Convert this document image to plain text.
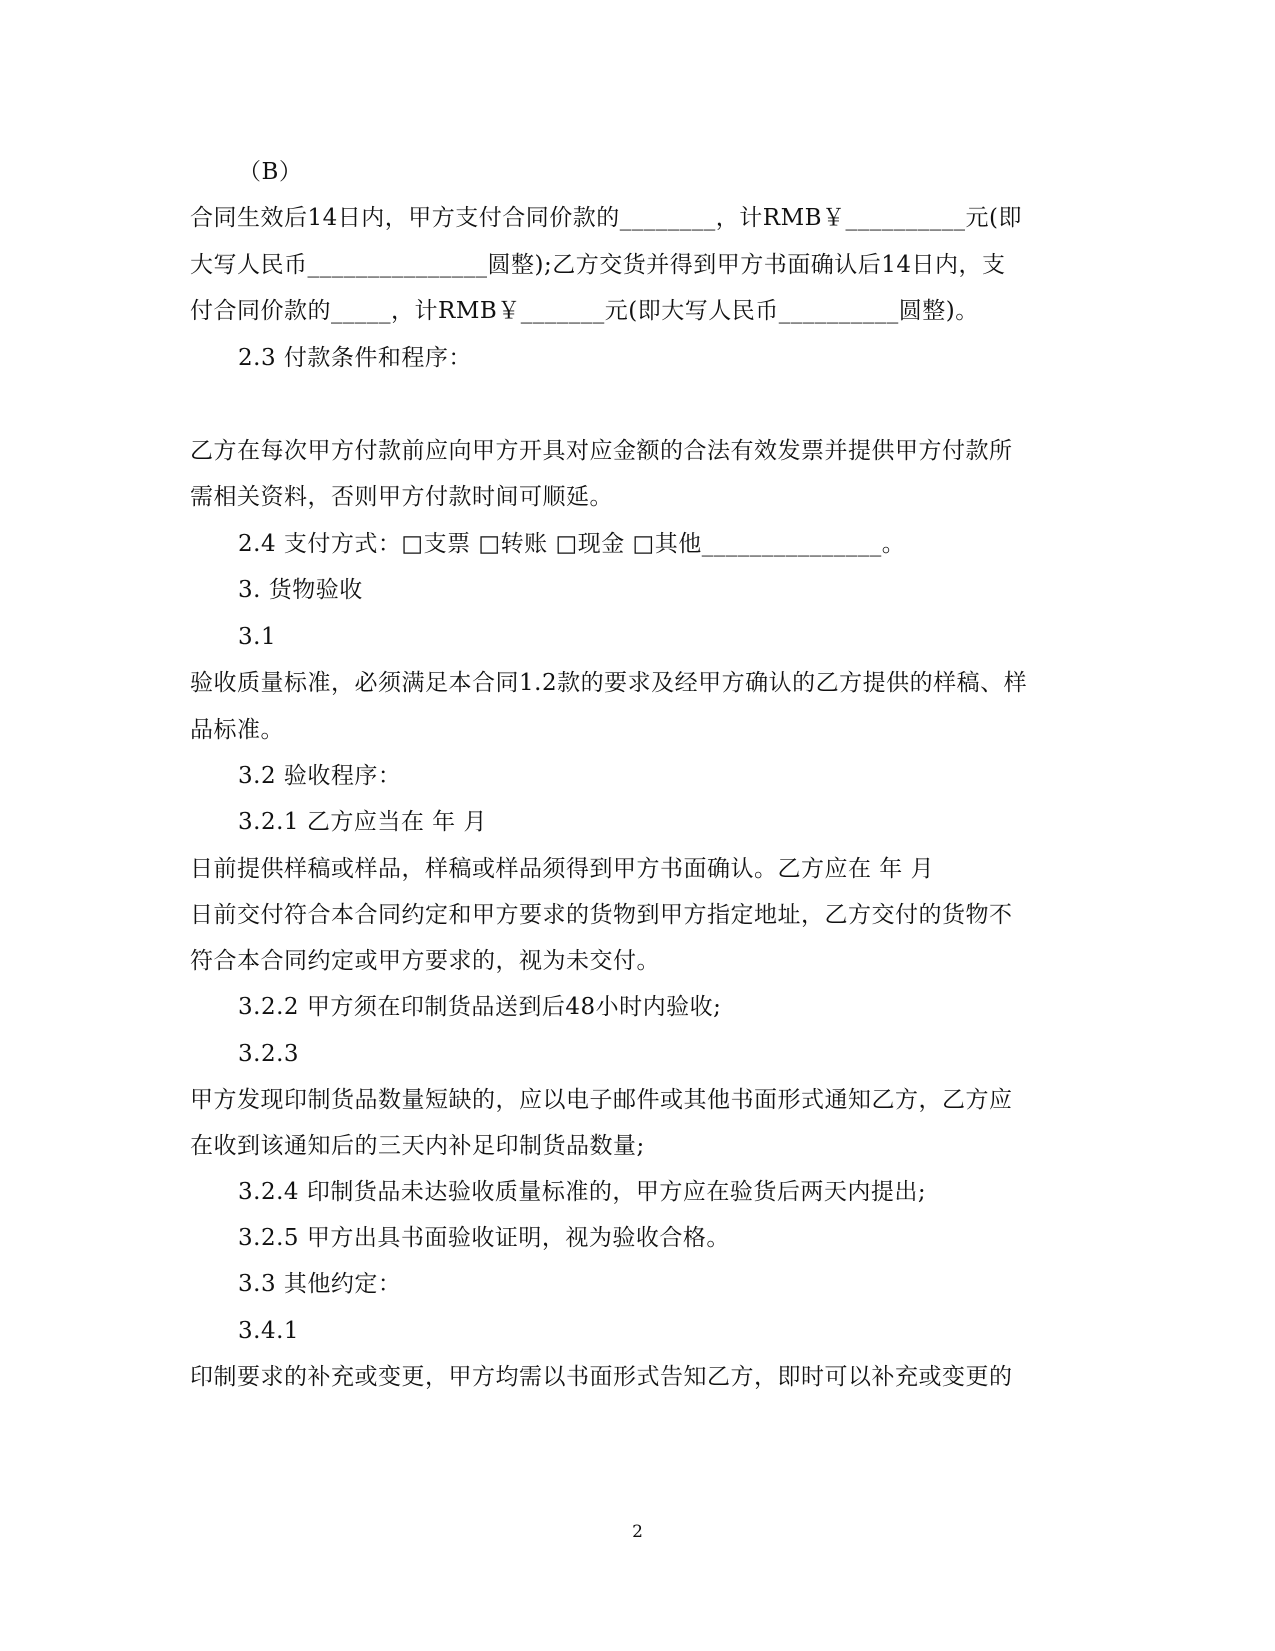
（B）
合同生效后14日内，甲方支付合同价款的________，计RMB￥__________元(即
大写人民币_______________圆整);乙方交货并得到甲方书面确认后14日内，支
付合同价款的_____，计RMB￥_______元(即大写人民币__________圆整)。
2.3 付款条件和程序：
乙方在每次甲方付款前应向甲方开具对应金额的合法有效发票并提供甲方付款所
需相关资料，否则甲方付款时间可顺延。
2.4 支付方式：□支票 □转账 □现金 □其他_______________。
3. 货物验收
3.1
验收质量标准，必须满足本合同1.2款的要求及经甲方确认的乙方提供的样稿、样
品标准。
3.2 验收程序：
3.2.1 乙方应当在 年 月
日前提供样稿或样品，样稿或样品须得到甲方书面确认。乙方应在 年 月
日前交付符合本合同约定和甲方要求的货物到甲方指定地址，乙方交付的货物不
符合本合同约定或甲方要求的，视为未交付。
3.2.2 甲方须在印制货品送到后48小时内验收;
3.2.3
甲方发现印制货品数量短缺的，应以电子邮件或其他书面形式通知乙方，乙方应
在收到该通知后的三天内补足印制货品数量;
3.2.4 印制货品未达验收质量标准的，甲方应在验货后两天内提出;
3.2.5 甲方出具书面验收证明，视为验收合格。
3.3 其他约定：
3.4.1
印制要求的补充或变更，甲方均需以书面形式告知乙方，即时可以补充或变更的
2
